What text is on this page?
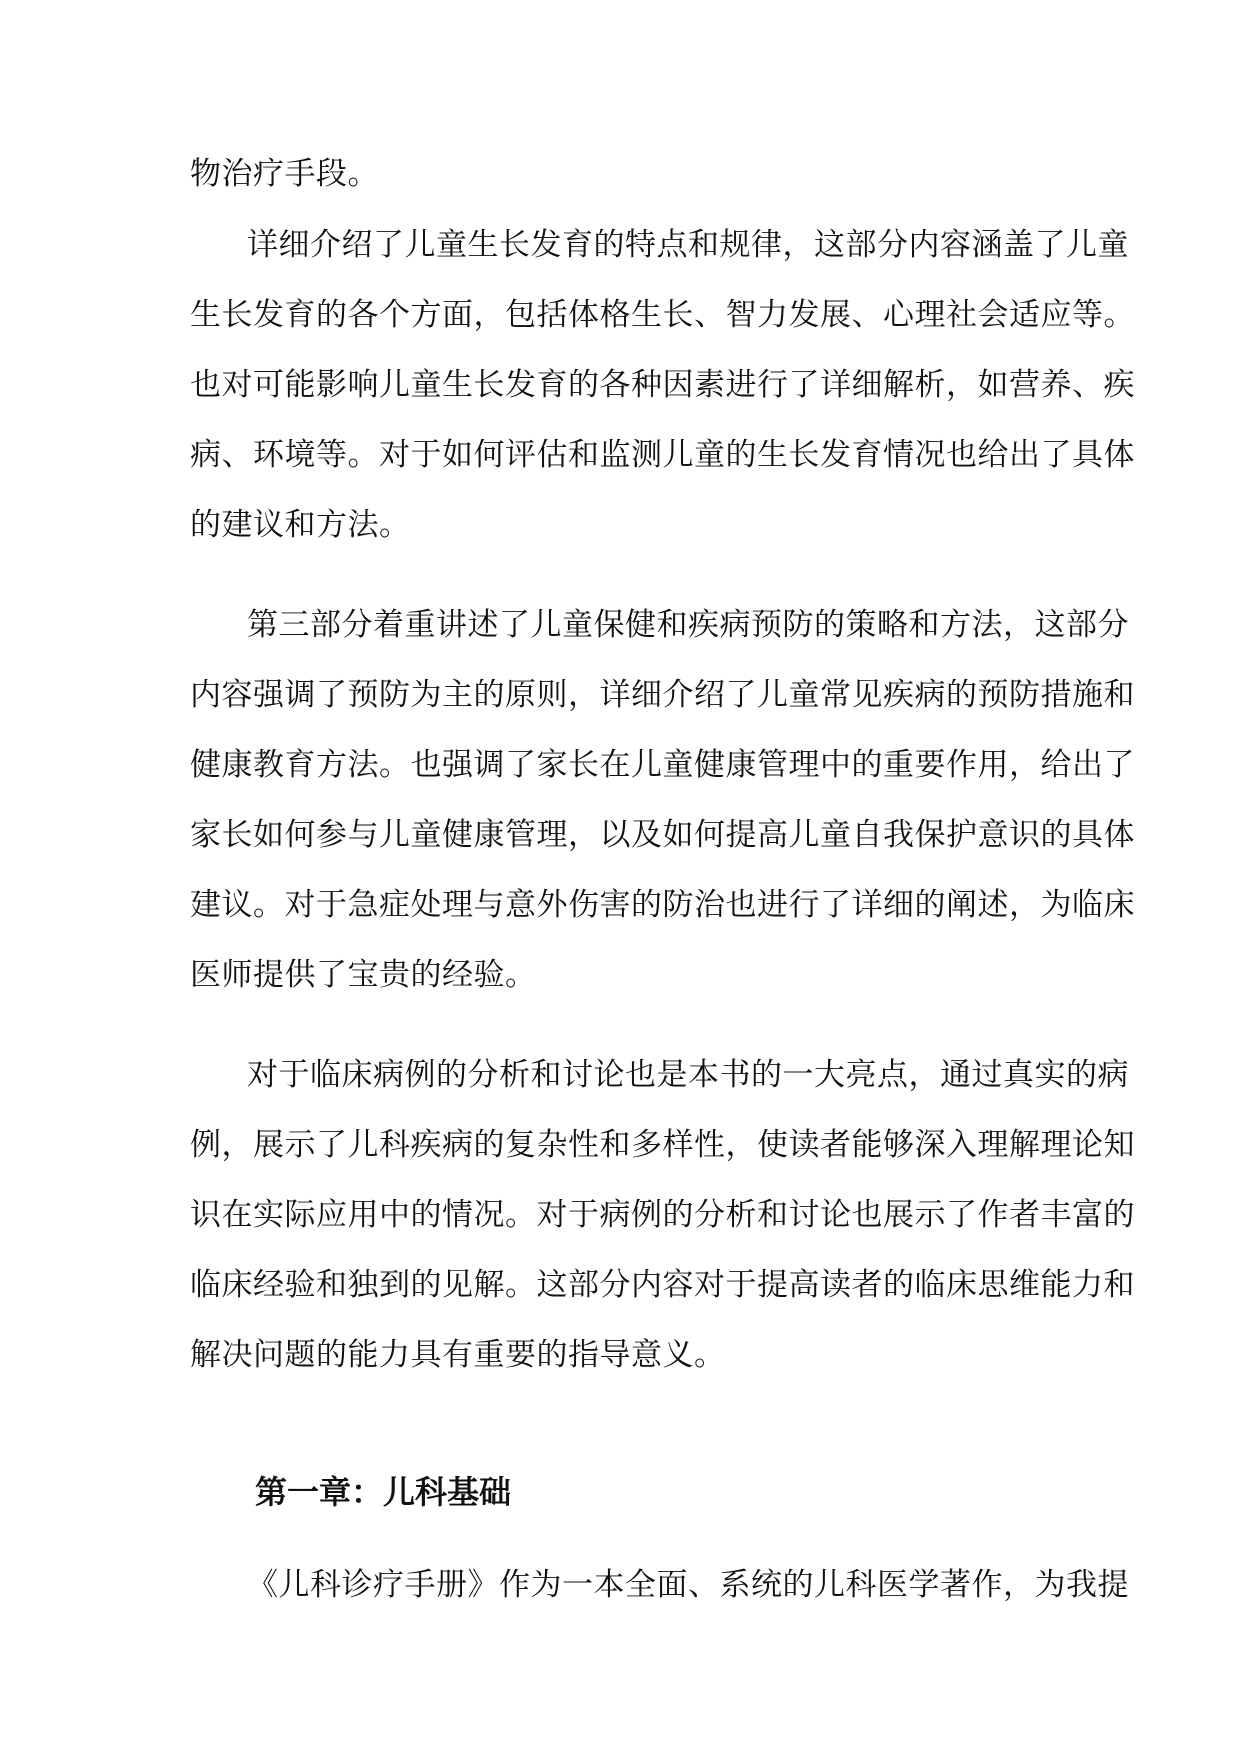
物治疗手段。
详细介绍了儿童生长发育的特点和规律，这部分内容涵盖了儿童
生长发育的各个方面，包括体格生长、智力发展、心理社会适应等。
也对可能影响儿童生长发育的各种因素进行了详细解析，如营养、疾
病、环境等。对于如何评估和监测儿童的生长发育情况也给出了具体
的建议和方法。
第三部分着重讲述了儿童保健和疾病预防的策略和方法，这部分
内容强调了预防为主的原则，详细介绍了儿童常见疾病的预防措施和
健康教育方法。也强调了家长在儿童健康管理中的重要作用，给出了
家长如何参与儿童健康管理，以及如何提高儿童自我保护意识的具体
建议。对于急症处理与意外伤害的防治也进行了详细的阐述，为临床
医师提供了宝贵的经验。
对于临床病例的分析和讨论也是本书的一大亮点，通过真实的病
例，展示了儿科疾病的复杂性和多样性，使读者能够深入理解理论知
识在实际应用中的情况。对于病例的分析和讨论也展示了作者丰富的
临床经验和独到的见解。这部分内容对于提高读者的临床思维能力和
解决问题的能力具有重要的指导意义。
第一章：儿科基础
《儿科诊疗手册》作为一本全面、系统的儿科医学著作，为我提
